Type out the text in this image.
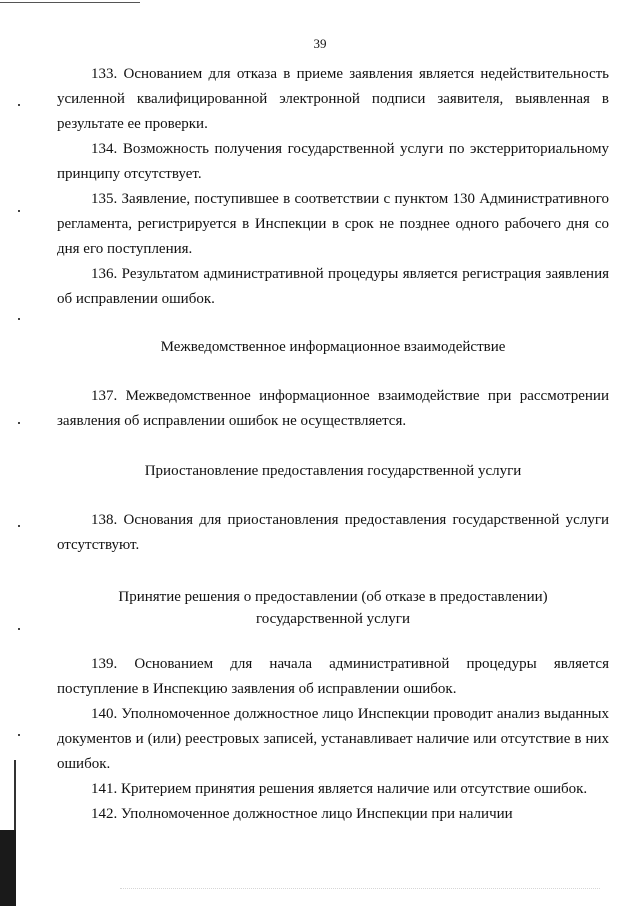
39

133. Основанием для отказа в приеме заявления является недействительность усиленной квалифицированной электронной подписи заявителя, выявленная в результате ее проверки.

134. Возможность получения государственной услуги по экстерриториальному принципу отсутствует.

135. Заявление, поступившее в соответствии с пунктом 130 Административного регламента, регистрируется в Инспекции в срок не позднее одного рабочего дня со дня его поступления.

136. Результатом административной процедуры является регистрация заявления об исправлении ошибок.

Межведомственное информационное взаимодействие

137. Межведомственное информационное взаимодействие при рассмотрении заявления об исправлении ошибок не осуществляется.

Приостановление предоставления государственной услуги

138. Основания для приостановления предоставления государственной услуги отсутствуют.

Принятие решения о предоставлении (об отказе в предоставлении)
государственной услуги

139. Основанием для начала административной процедуры является поступление в Инспекцию заявления об исправлении ошибок.

140. Уполномоченное должностное лицо Инспекции проводит анализ выданных документов и (или) реестровых записей, устанавливает наличие или отсутствие в них ошибок.

141. Критерием принятия решения является наличие или отсутствие ошибок.

142. Уполномоченное должностное лицо Инспекции при наличии
